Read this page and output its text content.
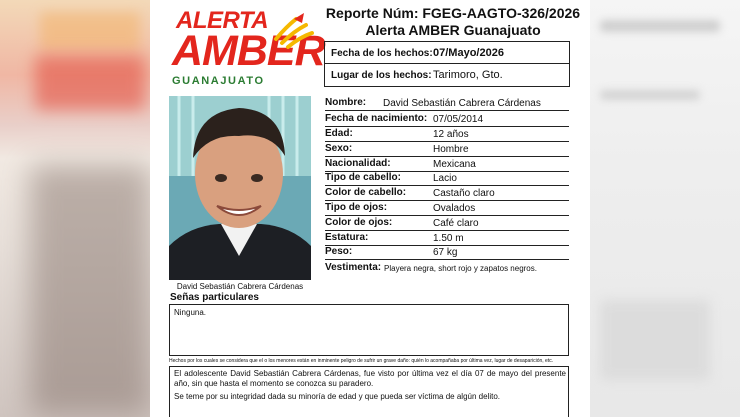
ALERTA
AMBER
GUANAJUATO
Reporte Núm: FGEG-AAGTO-326/2026
Alerta AMBER Guanajuato
Fecha de los hechos: 07/Mayo/2026
Lugar de los hechos: Tarimoro, Gto.
David Sebastián Cabrera Cárdenas
Nombre: David Sebastián Cabrera Cárdenas
Fecha de nacimiento: 07/05/2014
Edad:	12 años
Sexo:	Hombre
Nacionalidad:	Mexicana
Tipo de cabello:	Lacio
Color de cabello:	Castaño claro
Tipo de ojos:	Ovalados
Color de ojos:	Café claro
Estatura:	1.50 m
Peso:	67 kg
Vestimenta: Playera negra, short rojo y zapatos negros.
Señas particulares
Ninguna.
Hechos por los cuales se considera que el o los menores están en inminente peligro de sufrir un grave daño: quién lo acompañaba por última vez, lugar de desaparición, etc.
El adolescente David Sebastián Cabrera Cárdenas, fue visto por última vez el día 07 de mayo del presente año, sin que hasta el momento se conozca su paradero.
Se teme por su integridad dada su minoría de edad y que pueda ser víctima de algún delito.
